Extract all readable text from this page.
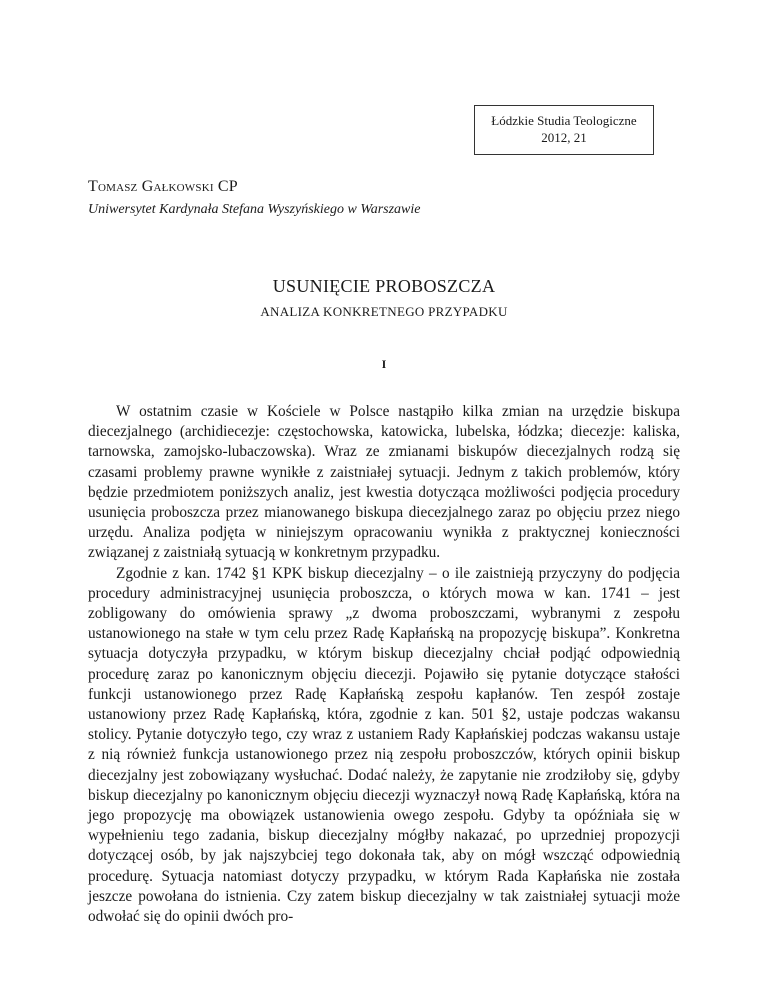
Łódzkie Studia Teologiczne
2012, 21
Tomasz Gałkowski CP
Uniwersytet Kardynała Stefana Wyszyńskiego w Warszawie
USUNIĘCIE PROBOSZCZA
ANALIZA KONKRETNEGO PRZYPADKU
I

W ostatnim czasie w Kościele w Polsce nastąpiło kilka zmian na urzędzie biskupa diecezjalnego (archidiecezje: częstochowska, katowicka, lubelska, łódzka; diecezje: kaliska, tarnowska, zamojsko-lubaczowska). Wraz ze zmianami biskupów diecezjalnych rodzą się czasami problemy prawne wynikłe z zaistniałej sytuacji. Jednym z takich problemów, który będzie przedmiotem poniższych analiz, jest kwestia dotycząca możliwości podjęcia procedury usunięcia proboszcza przez mianowanego biskupa diecezjalnego zaraz po objęciu przez niego urzędu. Analiza podjęta w niniejszym opracowaniu wynikła z praktycznej konieczności związanej z zaistniałą sytuacją w konkretnym przypadku.

Zgodnie z kan. 1742 §1 KPK biskup diecezjalny – o ile zaistnieją przyczyny do podjęcia procedury administracyjnej usunięcia proboszcza, o których mowa w kan. 1741 – jest zobligowany do omówienia sprawy „z dwoma proboszczami, wybranymi z zespołu ustanowionego na stałe w tym celu przez Radę Kapłańską na propozycję biskupa”. Konkretna sytuacja dotyczyła przypadku, w którym biskup diecezjalny chciał podjąć odpowiednią procedurę zaraz po kanonicznym objęciu diecezji. Pojawiło się pytanie dotyczące stałości funkcji ustanowionego przez Radę Kapłańską zespołu kapłanów. Ten zespół zostaje ustanowiony przez Radę Kapłańską, która, zgodnie z kan. 501 §2, ustaje podczas wakansu stolicy. Pytanie dotyczyło tego, czy wraz z ustaniem Rady Kapłańskiej podczas wakansu ustaje z nią również funkcja ustanowionego przez nią zespołu proboszczów, których opinii biskup diecezjalny jest zobowiązany wysłuchać. Dodać należy, że zapytanie nie zrodziłoby się, gdyby biskup diecezjalny po kanonicznym objęciu diecezji wyznaczył nową Radę Kapłańską, która na jego propozycję ma obowiązek ustanowienia owego zespołu. Gdyby ta opóźniała się w wypełnieniu tego zadania, biskup diecezjalny mógłby nakazać, po uprzedniej propozycji dotyczącej osób, by jak najszybciej tego dokonała tak, aby on mógł wszcząć odpowiednią procedurę. Sytuacja natomiast dotyczy przypadku, w którym Rada Kapłańska nie została jeszcze powołana do istnienia. Czy zatem biskup diecezjalny w tak zaistniałej sytuacji może odwołać się do opinii dwóch pro-
